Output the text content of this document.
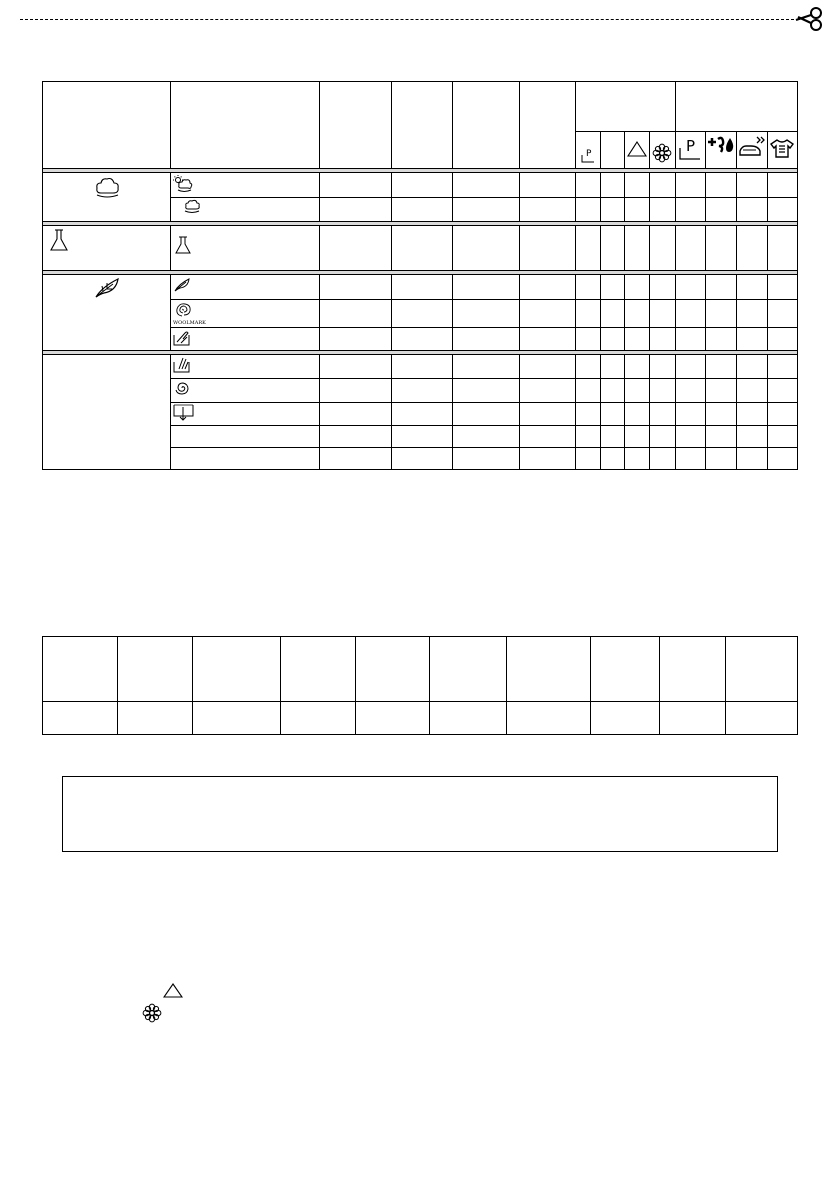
P	P
WOOLMARK
